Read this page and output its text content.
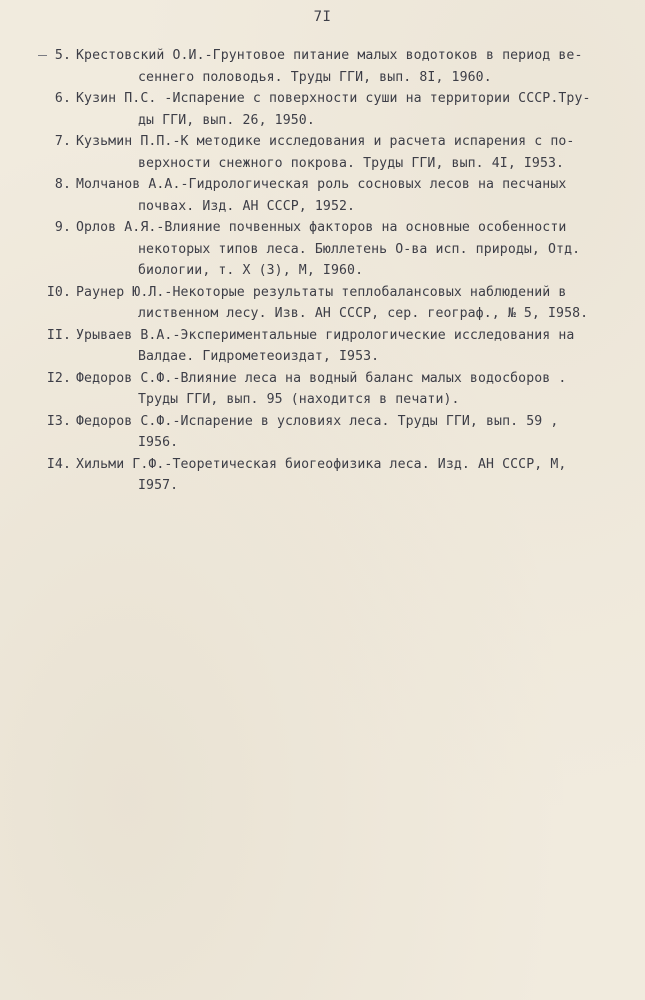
7I
5. Крестовский О.И.-Грунтовое питание малых водотоков в период ве-
сеннего половодья. Труды ГГИ, вып. 8I, 1960.
6. Кузин П.С. -Испарение с поверхности суши на территории СССР.Тру-
ды ГГИ, вып. 26, 1950.
7. Кузьмин П.П.-К методике исследования и расчета испарения с по-
верхности снежного покрова. Труды ГГИ, вып. 4I, I953.
8. Молчанов А.А.-Гидрологическая роль сосновых лесов на песчаных
почвах. Изд. АН СССР, 1952.
9. Орлов А.Я.-Влияние почвенных факторов на основные особенности
некоторых типов леса. Бюллетень О-ва исп. природы, Отд.
биологии, т. X (3), М, I960.
I0. Раунер Ю.Л.-Некоторые результаты теплобалансовых наблюдений в
лиственном лесу. Изв. АН СССР, сер. географ., № 5, I958.
II. Урываев В.А.-Экспериментальные гидрологические исследования на
Валдае. Гидрометеоиздат, I953.
I2. Федоров С.Ф.-Влияние леса на водный баланс малых водосборов .
Труды ГГИ, вып. 95 (находится в печати).
I3. Федоров С.Ф.-Испарение в условиях леса. Труды ГГИ, вып. 59 ,
I956.
I4. Хильми Г.Ф.-Теоретическая биогеофизика леса. Изд. АН СССР, М,
I957.
